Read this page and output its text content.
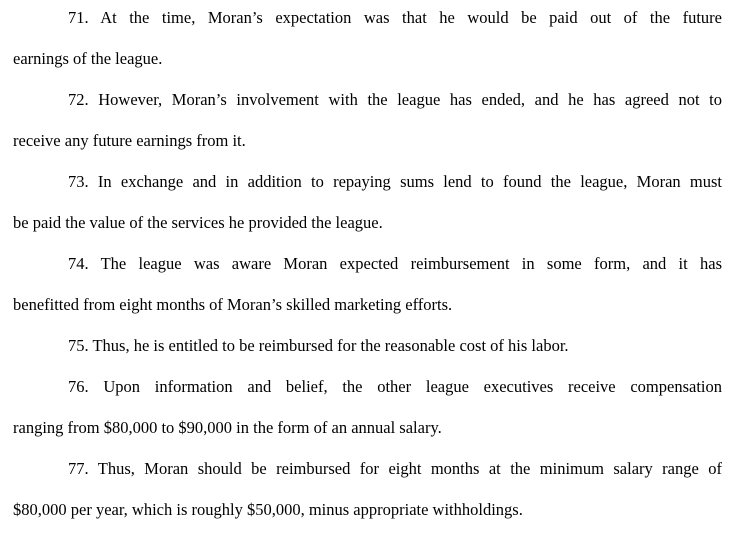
71. At the time, Moran’s expectation was that he would be paid out of the future
earnings of the league.
72. However, Moran’s involvement with the league has ended, and he has agreed not to
receive any future earnings from it.
73. In exchange and in addition to repaying sums lend to found the league, Moran must
be paid the value of the services he provided the league.
74. The league was aware Moran expected reimbursement in some form, and it has
benefitted from eight months of Moran’s skilled marketing efforts.
75. Thus, he is entitled to be reimbursed for the reasonable cost of his labor.
76. Upon information and belief, the other league executives receive compensation
ranging from $80,000 to $90,000 in the form of an annual salary.
77. Thus, Moran should be reimbursed for eight months at the minimum salary range of
$80,000 per year, which is roughly $50,000, minus appropriate withholdings.
